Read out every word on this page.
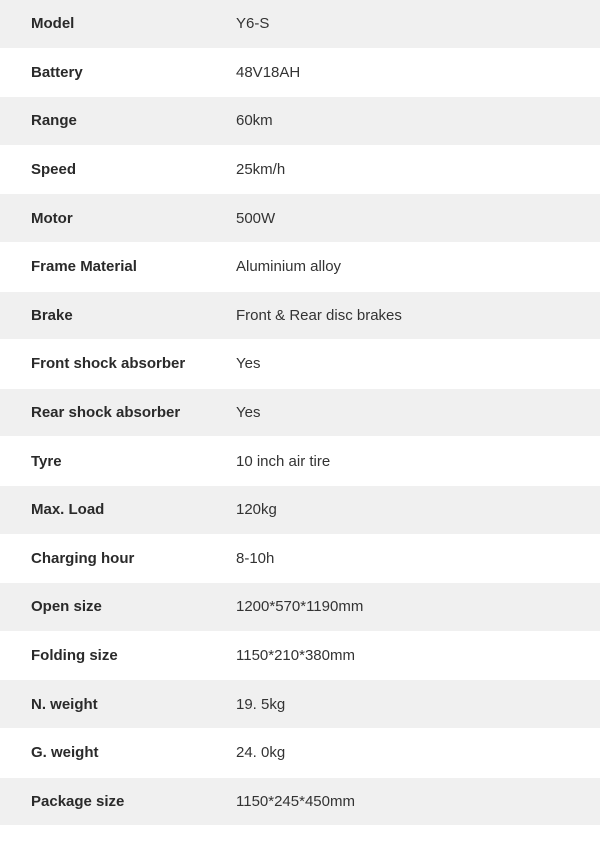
Model	Y6-S
Battery	48V18AH
Range	60km
Speed	25km/h
Motor	500W
Frame Material	Aluminium alloy
Brake	Front & Rear disc brakes
Front shock absorber	Yes
Rear shock absorber	Yes
Tyre	10 inch air tire
Max. Load	120kg
Charging hour	8-10h
Open size	1200*570*1190mm
Folding size	1150*210*380mm
N. weight	19. 5kg
G. weight	24. 0kg
Package size	1150*245*450mm
